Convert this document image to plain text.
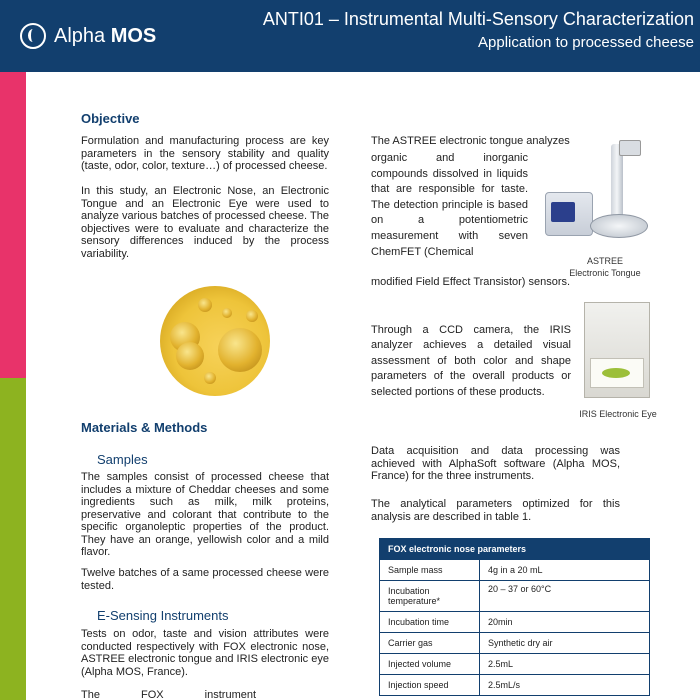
Alpha MOS
ANTI01 – Instrumental Multi-Sensory Characterization
Application to processed cheese
Objective
Formulation and manufacturing process are key parameters in the sensory stability and quality (taste, odor, color, texture…) of processed cheese.
In this study, an Electronic Nose, an Electronic Tongue and an Electronic Eye were used to analyze various batches of processed cheese. The objectives were to evaluate and characterize the sensory differences induced by the process variability.
Materials & Methods
Samples
The samples consist of processed cheese that includes a mixture of Cheddar cheeses and some ingredients such as milk, milk proteins, preservative and colorant that contribute to the specific organoleptic properties of the product. They have an orange, yellowish color and a mild flavor.
Twelve batches of a same processed cheese were tested.
E-Sensing Instruments
Tests on odor, taste and vision attributes were conducted respectively with FOX electronic nose, ASTREE electronic tongue and IRIS electronic eye (Alpha MOS, France).
The FOX instrument
The ASTREE electronic tongue analyzes
organic and inorganic compounds dissolved in liquids that are responsible for taste. The detection principle is based on a potentiometric measurement with seven ChemFET (Chemical
modified Field Effect Transistor) sensors.
ASTREE
Electronic Tongue
Through a CCD camera, the IRIS analyzer achieves a detailed visual assessment of both color and shape parameters of the overall products or selected portions of these products.
IRIS Electronic Eye
Data acquisition and data processing was achieved with AlphaSoft software (Alpha MOS, France) for the three instruments.
The analytical parameters optimized for this analysis are described in table 1.
FOX electronic nose parameters	
Sample mass	4g in a 20 mL
Incubation temperature*	20 – 37 or 60°C
Incubation time	20min
Carrier gas	Synthetic dry air
Injected volume	2.5mL
Injection speed	2.5mL/s
